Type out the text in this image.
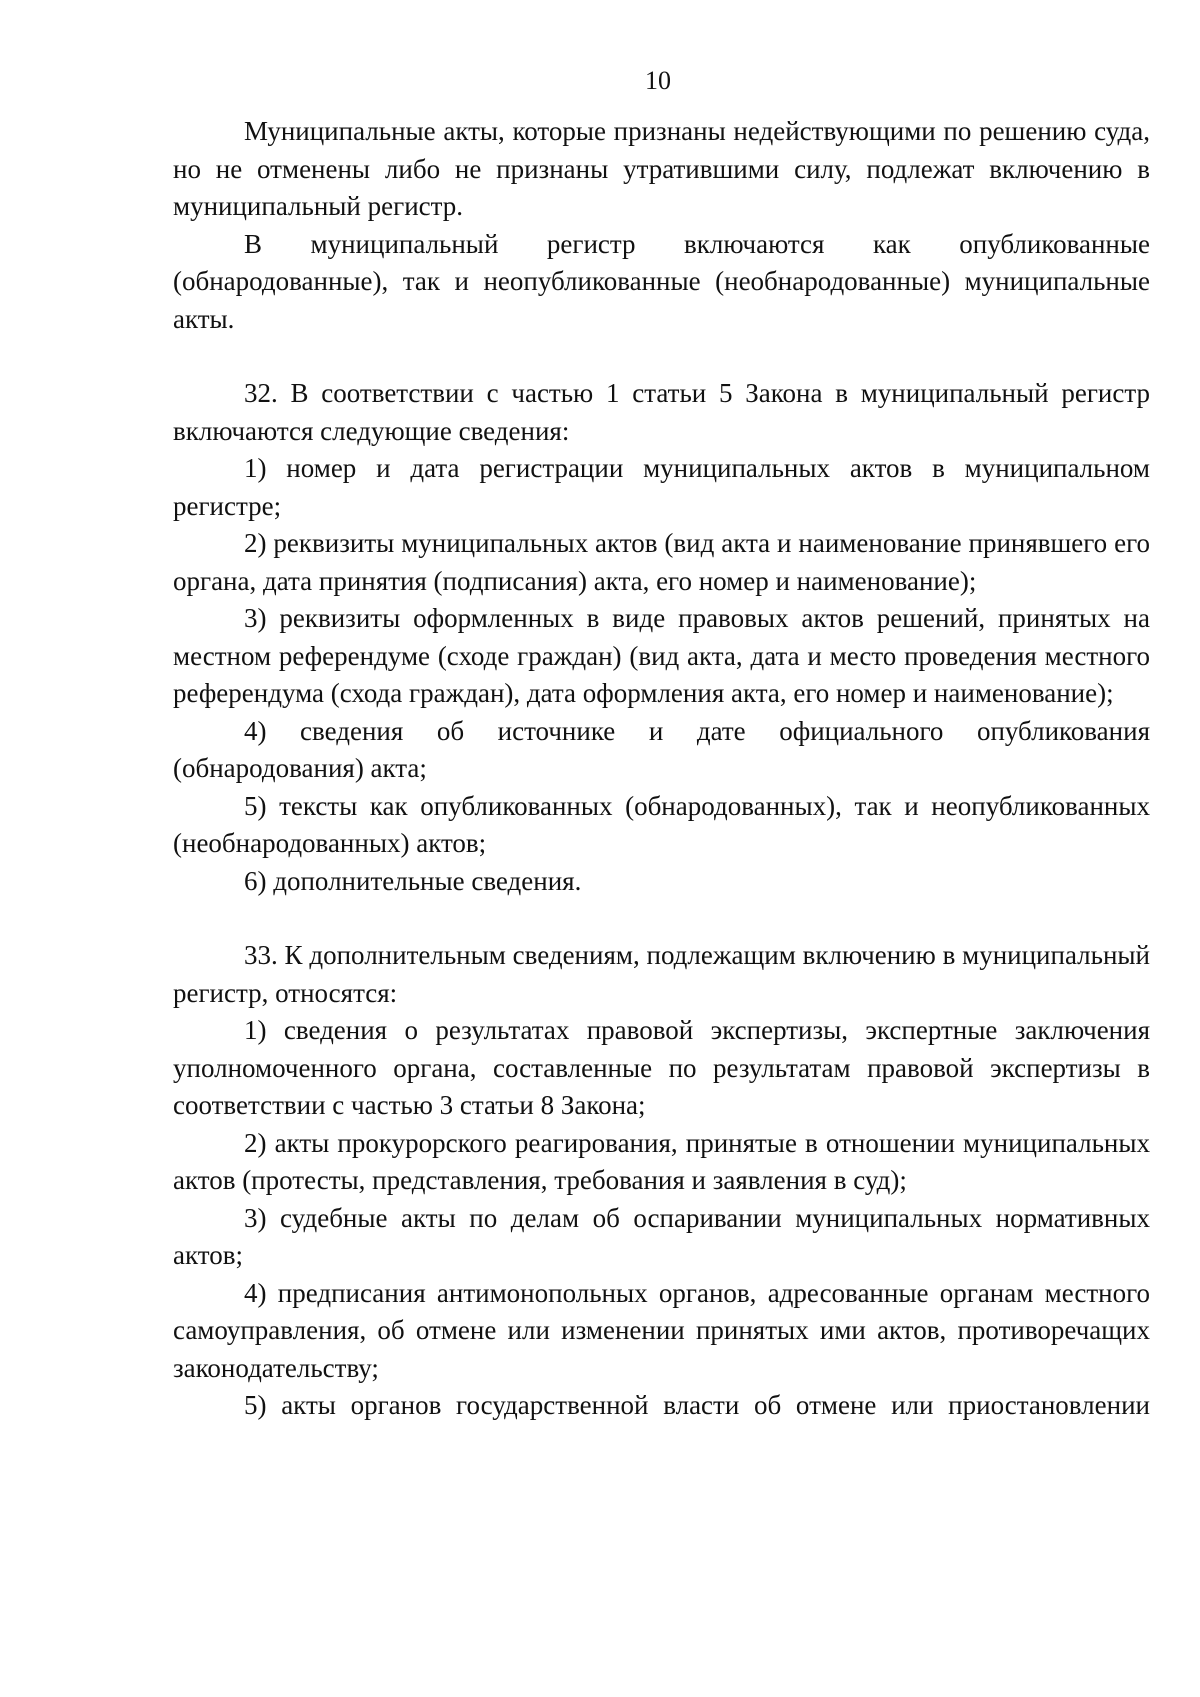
10

Муниципальные акты, которые признаны недействующими по решению суда, но не отменены либо не признаны утратившими силу, подлежат включению в муниципальный регистр.

В муниципальный регистр включаются как опубликованные (обнародованные), так и неопубликованные (необнародованные) муниципальные акты.

32. В соответствии с частью 1 статьи 5 Закона в муниципальный регистр включаются следующие сведения:

1) номер и дата регистрации муниципальных актов в муниципальном регистре;

2) реквизиты муниципальных актов (вид акта и наименование принявшего его органа, дата принятия (подписания) акта, его номер и наименование);

3) реквизиты оформленных в виде правовых актов решений, принятых на местном референдуме (сходе граждан) (вид акта, дата и место проведения местного референдума (схода граждан), дата оформления акта, его номер и наименование);

4) сведения об источнике и дате официального опубликования (обнародования) акта;

5) тексты как опубликованных (обнародованных), так и неопубликованных (необнародованных) актов;

6) дополнительные сведения.

33. К дополнительным сведениям, подлежащим включению в муниципальный регистр, относятся:

1) сведения о результатах правовой экспертизы, экспертные заключения уполномоченного органа, составленные по результатам правовой экспертизы в соответствии с частью 3 статьи 8 Закона;

2) акты прокурорского реагирования, принятые в отношении муниципальных актов (протесты, представления, требования и заявления в суд);

3) судебные акты по делам об оспаривании муниципальных нормативных актов;

4) предписания антимонопольных органов, адресованные органам местного самоуправления, об отмене или изменении принятых ими актов, противоречащих законодательству;

5) акты органов государственной власти об отмене или приостановлении
